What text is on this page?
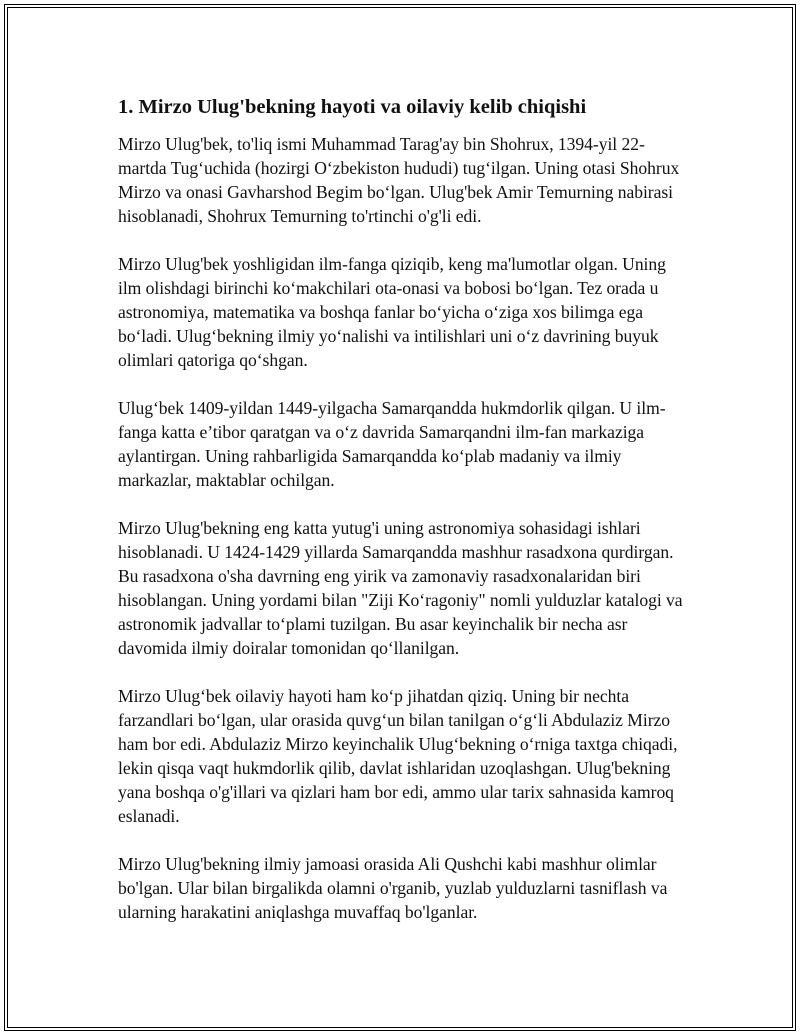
1. Mirzo Ulug'bekning hayoti va oilaviy kelib chiqishi

Mirzo Ulug'bek, to'liq ismi Muhammad Tarag'ay bin Shohrux, 1394-yil 22-martda Tug‘uchida (hozirgi O‘zbekiston hududi) tug‘ilgan. Uning otasi Shohrux Mirzo va onasi Gavharshod Begim bo‘lgan. Ulug'bek Amir Temurning nabirasi hisoblanadi, Shohrux Temurning to'rtinchi o'g'li edi.

Mirzo Ulug'bek yoshligidan ilm-fanga qiziqib, keng ma'lumotlar olgan. Uning ilm olishdagi birinchi ko‘makchilari ota-onasi va bobosi bo‘lgan. Tez orada u astronomiya, matematika va boshqa fanlar bo‘yicha o‘ziga xos bilimga ega bo‘ladi. Ulug‘bekning ilmiy yo‘nalishi va intilishlari uni o‘z davrining buyuk olimlari qatoriga qo‘shgan.

Ulug‘bek 1409-yildan 1449-yilgacha Samarqandda hukmdorlik qilgan. U ilm-fanga katta e’tibor qaratgan va o‘z davrida Samarqandni ilm-fan markaziga aylantirgan. Uning rahbarligida Samarqandda ko‘plab madaniy va ilmiy markazlar, maktablar ochilgan.

Mirzo Ulug'bekning eng katta yutug'i uning astronomiya sohasidagi ishlari hisoblanadi. U 1424-1429 yillarda Samarqandda mashhur rasadxona qurdirgan. Bu rasadxona o'sha davrning eng yirik va zamonaviy rasadxonalaridan biri hisoblangan. Uning yordami bilan "Ziji Ko‘ragoniy" nomli yulduzlar katalogi va astronomik jadvallar to‘plami tuzilgan. Bu asar keyinchalik bir necha asr davomida ilmiy doiralar tomonidan qo‘llanilgan.

Mirzo Ulug‘bek oilaviy hayoti ham ko‘p jihatdan qiziq. Uning bir nechta farzandlari bo‘lgan, ular orasida quvg‘un bilan tanilgan o‘g‘li Abdulaziz Mirzo ham bor edi. Abdulaziz Mirzo keyinchalik Ulug‘bekning o‘rniga taxtga chiqadi, lekin qisqa vaqt hukmdorlik qilib, davlat ishlaridan uzoqlashgan. Ulug'bekning yana boshqa o'g'illari va qizlari ham bor edi, ammo ular tarix sahnasida kamroq eslanadi.

Mirzo Ulug'bekning ilmiy jamoasi orasida Ali Qushchi kabi mashhur olimlar bo'lgan. Ular bilan birgalikda olamni o'rganib, yuzlab yulduzlarni tasniflash va ularning harakatini aniqlashga muvaffaq bo'lganlar.
